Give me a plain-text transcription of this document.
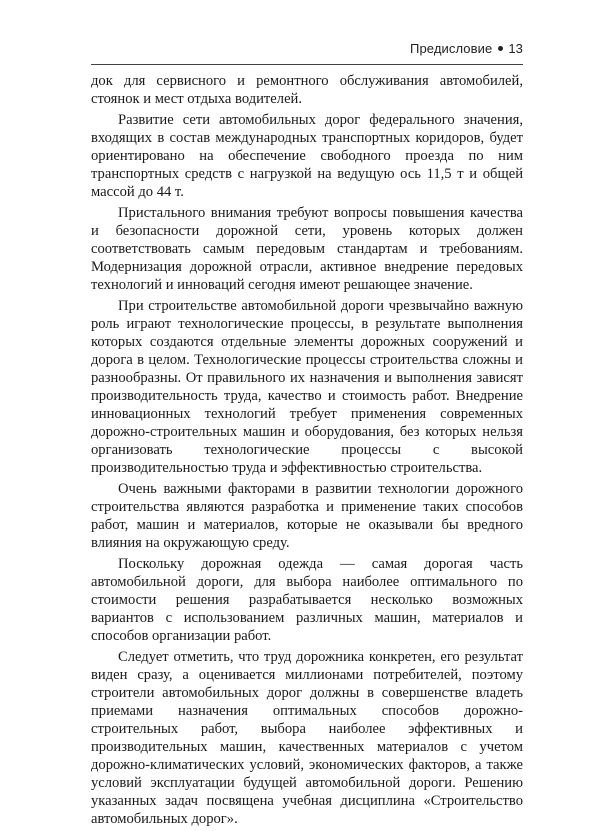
Предисловие 13

док для сервисного и ремонтного обслуживания автомобилей, стоянок и мест отдыха водителей.

Развитие сети автомобильных дорог федерального значения, входящих в состав международных транспортных коридоров, будет ориентировано на обеспечение свободного проезда по ним транспортных средств с нагрузкой на ведущую ось 11,5 т и общей массой до 44 т.

Пристального внимания требуют вопросы повышения качества и безопасности дорожной сети, уровень которых должен соответствовать самым передовым стандартам и требованиям. Модернизация дорожной отрасли, активное внедрение передовых технологий и инноваций сегодня имеют решающее значение.

При строительстве автомобильной дороги чрезвычайно важную роль играют технологические процессы, в результате выполнения которых создаются отдельные элементы дорожных сооружений и дорога в целом. Технологические процессы строительства сложны и разнообразны. От правильного их назначения и выполнения зависят производительность труда, качество и стоимость работ. Внедрение инновационных технологий требует применения современных дорожно-строительных машин и оборудования, без которых нельзя организовать технологические процессы с высокой производительностью труда и эффективностью строительства.

Очень важными факторами в развитии технологии дорожного строительства являются разработка и применение таких способов работ, машин и материалов, которые не оказывали бы вредного влияния на окружающую среду.

Поскольку дорожная одежда — самая дорогая часть автомобильной дороги, для выбора наиболее оптимального по стоимости решения разрабатывается несколько возможных вариантов с использованием различных машин, материалов и способов организации работ.

Следует отметить, что труд дорожника конкретен, его результат виден сразу, а оценивается миллионами потребителей, поэтому строители автомобильных дорог должны в совершенстве владеть приемами назначения оптимальных способов дорожно-строительных работ, выбора наиболее эффективных и производительных машин, качественных материалов с учетом дорожно-климатических условий, экономических факторов, а также условий эксплуатации будущей автомобильной дороги. Решению указанных задач посвящена учебная дисциплина «Строительство автомобильных дорог».
